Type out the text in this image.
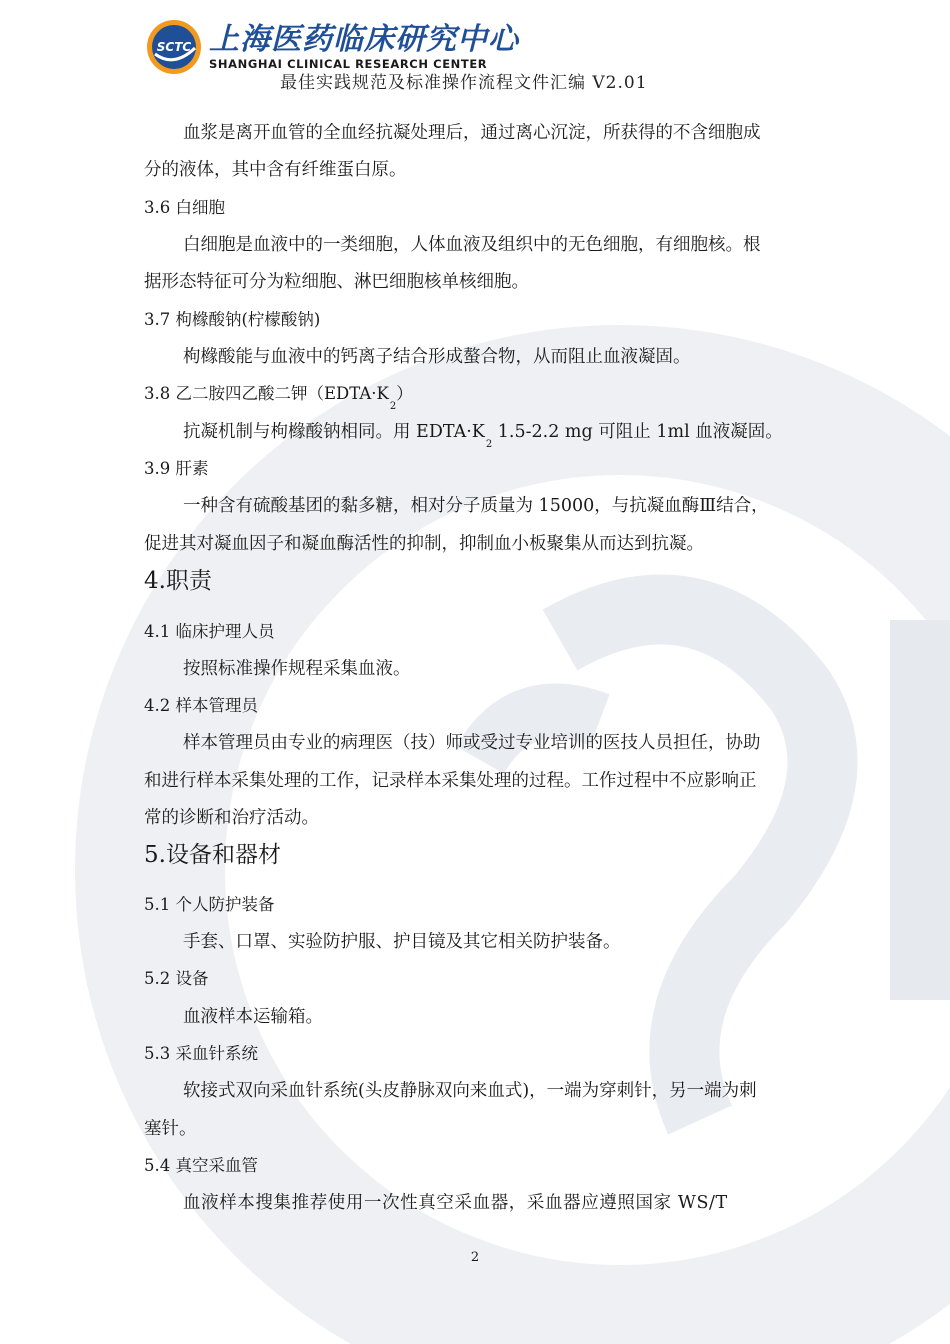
SCTC 上海医药临床研究中心
SHANGHAI CLINICAL RESEARCH CENTER
最佳实践规范及标准操作流程文件汇编 V2.01
血浆是离开血管的全血经抗凝处理后，通过离心沉淀，所获得的不含细胞成
分的液体，其中含有纤维蛋白原。
3.6 白细胞
白细胞是血液中的一类细胞，人体血液及组织中的无色细胞，有细胞核。根
据形态特征可分为粒细胞、淋巴细胞核单核细胞。
3.7 枸橼酸钠(柠檬酸钠)
枸橼酸能与血液中的钙离子结合形成螯合物，从而阻止血液凝固。
3.8 乙二胺四乙酸二钾$(EDTA\cdot K_2)$
抗凝机制与枸橼酸钠相同。用 $EDTA\cdot K_2$ 1.5-2.2 mg 可阻止 1ml 血液凝固。
3.9 肝素
一种含有硫酸基团的黏多糖，相对分子质量为 15000，与抗凝血酶Ⅲ结合，
促进其对凝血因子和凝血酶活性的抑制，抑制血小板聚集从而达到抗凝。
4.职责
4.1 临床护理人员
按照标准操作规程采集血液。
4.2 样本管理员
样本管理员由专业的病理医（技）师或受过专业培训的医技人员担任，协助
和进行样本采集处理的工作，记录样本采集处理的过程。工作过程中不应影响正
常的诊断和治疗活动。
5.设备和器材
5.1 个人防护装备
手套、口罩、实验防护服、护目镜及其它相关防护装备。
5.2 设备
血液样本运输箱。
5.3 采血针系统
软接式双向采血针系统(头皮静脉双向来血式)，一端为穿刺针，另一端为刺
塞针。
5.4 真空采血管
血液样本搜集推荐使用一次性真空采血器，采血器应遵照国家 WS/T
2
